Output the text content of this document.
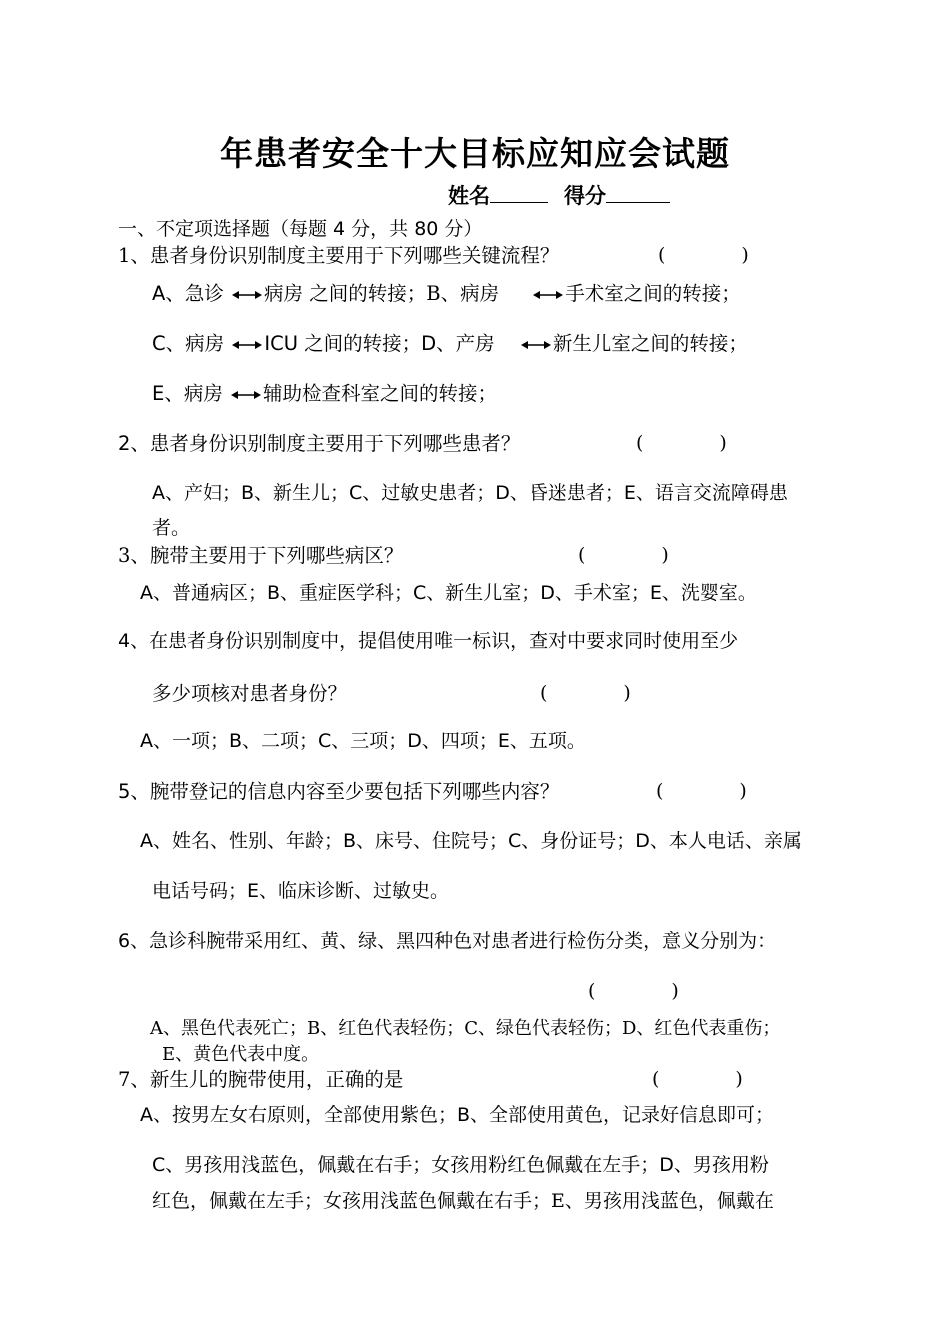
年患者安全十大目标应知应会试题
姓名	得分
一、不定项选择题（每题 4 分，共 80 分）
1、患者身份识别制度主要用于下列哪些关键流程？	(　　　　)
A、急诊 病房 之间的转接；B、病房	手术室之间的转接；
C、病房 ICU 之间的转接；D、产房	新生儿室之间的转接；
E、病房 辅助检查科室之间的转接；
2、患者身份识别制度主要用于下列哪些患者？	(　　　　)
A、产妇；B、新生儿；C、过敏史患者；D、昏迷患者；E、语言交流障碍患
者。
3、腕带主要用于下列哪些病区？	(　　　　)
A、普通病区；B、重症医学科；C、新生儿室；D、手术室；E、洗婴室。
4、在患者身份识别制度中，提倡使用唯一标识，查对中要求同时使用至少
多少项核对患者身份？	(　　　　)
A、一项；B、二项；C、三项；D、四项；E、五项。
5、腕带登记的信息内容至少要包括下列哪些内容？	(　　　　)
A、姓名、性别、年龄；B、床号、住院号；C、身份证号；D、本人电话、亲属
电话号码；E、临床诊断、过敏史。
6、急诊科腕带采用红、黄、绿、黑四种色对患者进行检伤分类，意义分别为：
(　　　　)
A、黑色代表死亡；B、红色代表轻伤；C、绿色代表轻伤；D、红色代表重伤；
E、黄色代表中度。
7、新生儿的腕带使用，正确的是	(　　　　)
A、按男左女右原则，全部使用紫色；B、全部使用黄色，记录好信息即可；
C、男孩用浅蓝色，佩戴在右手；女孩用粉红色佩戴在左手；D、男孩用粉
红色，佩戴在左手；女孩用浅蓝色佩戴在右手；E、男孩用浅蓝色，佩戴在
